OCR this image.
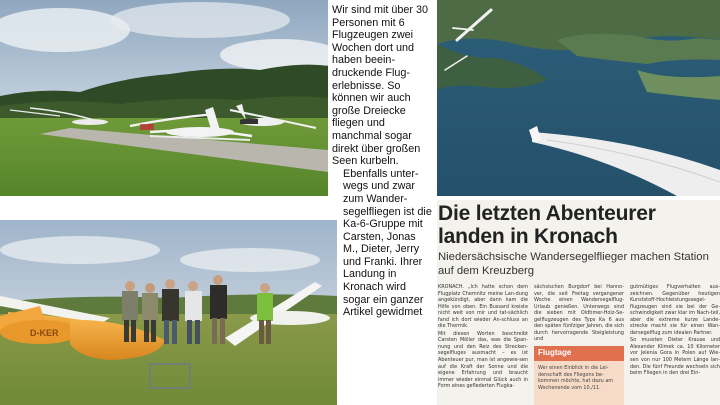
D-KER

Wir sind mit über 30 Personen mit 6 Flugzeugen zwei Wochen dort und haben beein-druckende Flug-erlebnisse. So können wir auch große Dreiecke fliegen und manchmal sogar direkt über großen Seen kurbeln.

Ebenfalls unter-wegs und zwar zum Wander-segelfliegen ist die Ka-6-Gruppe mit Carsten, Jonas M., Dieter, Jerry und Franki. Ihrer Landung in Kronach wird sogar ein ganzer Artikel gewidmet

Die letzten Abenteurer landen in Kronach
Niedersächsische Wandersegelflieger machen Station auf dem Kreuzberg

KRONACH. „Ich hatte schon dem Flugplatz Chemnitz meine Lan-dung angekündigt, aber dann kam die Hilfe von oben. Ein Bussard kreiste nicht weit von mir und tat-sächlich fand ich dort wieder An-schluss an die Thermik.

Mit diesen Worten beschreibt Carsten Möller das, was die Span-nung und den Reiz des Strecken-segelfluges ausmacht – es ist Abenteuer pur, man ist angewie-sen auf die Kraft der Sonne und die eigene Erfahrung und braucht immer wieder einmal Glück auch in Form eines geflederten Flugka-

sächsischen Burgdorf bei Hanno-ver, die seit Freitag vergangener Woche einen Wandersegelflug-Urlaub genießen. Unterwegs sind die sieben mit Oldtimer-Holz-Se-gelflugzeugen des Typs Ka 6 aus den späten fünfziger Jahren, die sich durch hervorragende Steigleistung und

gutmütiges Flugverhalten aus-zeichnen. Gegenüber heutigen Kunststoff-Hochleistungssegel-flugzeugen sind sie bei der Ge-schwindigkeit zwar klar im Nach-teil, aber die extreme kurze Lande-strecke macht sie für einen Wan-dersegelflug zum idealen Partner.

So mussten Dieter Krause und Alexander Klimek ca. 10 Kilometer vor Jelenia Gora in Polen auf Wie-sen von nur 100 Metern Länge lan-den. Die fünf Freunde wechseln sich beim Fliegen in den drei Ein-

Flugtage
Wer einen Einblick in die Lei-denschaft des Fliegens be-kommen möchte, hat dazu am Wochenende vom 10./11.
